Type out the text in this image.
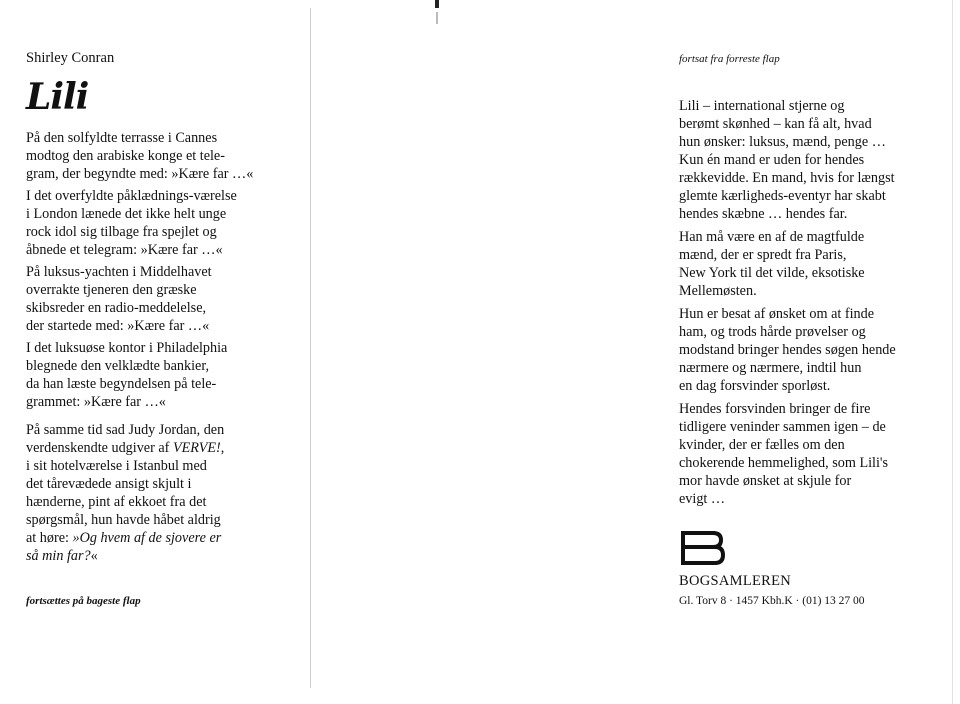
Shirley Conran
Lili
På den solfyldte terrasse i Cannes
modtog den arabiske konge et tele-
gram, der begyndte med: »Kære far …«
I det overfyldte påklædnings-værelse
i London lænede det ikke helt unge
rock idol sig tilbage fra spejlet og
åbnede et telegram: »Kære far …«
På luksus-yachten i Middelhavet
overrakte tjeneren den græske
skibsreder en radio-meddelelse,
der startede med: »Kære far …«
I det luksuøse kontor i Philadelphia
blegnede den velklædte bankier,
da han læste begyndelsen på tele-
grammet: »Kære far …«
På samme tid sad Judy Jordan, den
verdenskendte udgiver af VERVE!,
i sit hotelværelse i Istanbul med
det tårevædede ansigt skjult i
hænderne, pint af ekkoet fra det
spørgsmål, hun havde håbet aldrig
at høre: »Og hvem af de sjovere er
så min far?«
fortsættes på bageste flap
fortsat fra forreste flap
Lili – international stjerne og
berømt skønhed – kan få alt, hvad
hun ønsker: luksus, mænd, penge …
Kun én mand er uden for hendes
rækkevidde. En mand, hvis for længst
glemte kærligheds-eventyr har skabt
hendes skæbne … hendes far.
Han må være en af de magtfulde
mænd, der er spredt fra Paris,
New York til det vilde, eksotiske
Mellemøsten.
Hun er besat af ønsket om at finde
ham, og trods hårde prøvelser og
modstand bringer hendes søgen hende
nærmere og nærmere, indtil hun
en dag forsvinder sporløst.
Hendes forsvinden bringer de fire
tidligere veninder sammen igen – de
kvinder, der er fælles om den
chokerende hemmelighed, som Lili's
mor havde ønsket at skjule for
evigt …
BOGSAMLEREN
Gl. Torv 8 · 1457 Kbh.K · (01) 13 27 00
